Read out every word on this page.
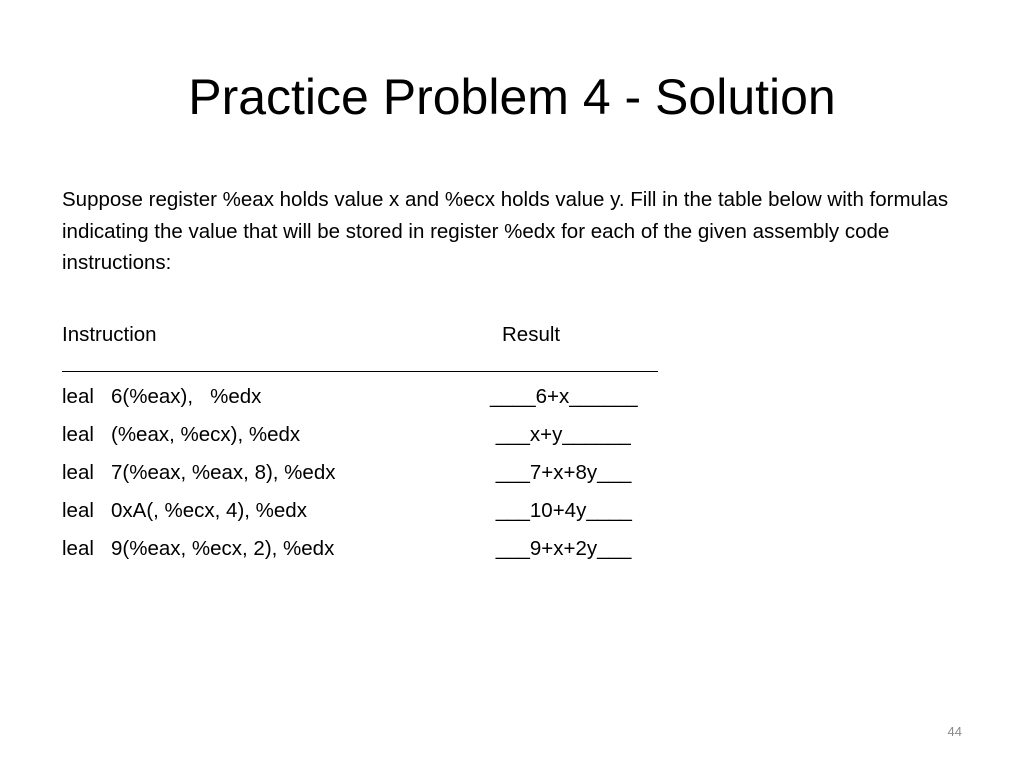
Practice Problem 4 - Solution

Suppose register %eax holds value x and %ecx holds value y. Fill in the table below with formulas indicating the value that will be stored in register %edx for each of the given assembly code instructions:

Instruction	Result
leal   6(%eax),   %edx	____6+x______
leal   (%eax, %ecx), %edx	___x+y______
leal   7(%eax, %eax, 8), %edx	___7+x+8y___
leal   0xA(, %ecx, 4), %edx	___10+4y____
leal   9(%eax, %ecx, 2), %edx	___9+x+2y___
44
